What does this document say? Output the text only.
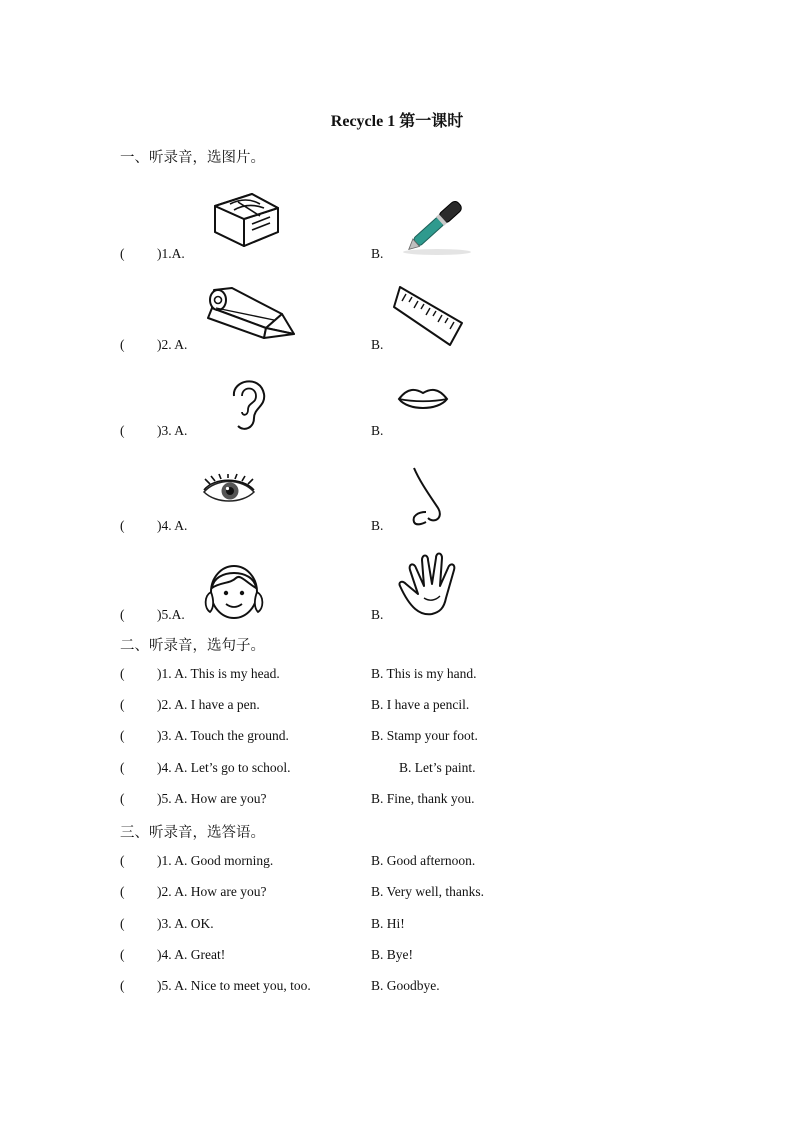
Recycle 1 第一课时
一、听录音，选图片。
( )1.A.	B.
( )2. A.	B.
( )3. A.	B.
( )4. A.	B.
( )5.A.	B.
二、听录音，选句子。
( )1. A. This is my head.	B. This is my hand.
( )2. A. I have a pen.	B. I have a pencil.
( )3. A. Touch the ground.	B. Stamp your foot.
( )4. A. Let’s go to school.	B. Let’s paint.
( )5. A. How are you?	B. Fine, thank you.
三、听录音，选答语。
( )1. A. Good morning.	B. Good afternoon.
( )2. A. How are you?	B. Very well, thanks.
( )3. A. OK.	B. Hi!
( )4. A. Great!	B. Bye!
( )5. A. Nice to meet you, too.	B. Goodbye.
